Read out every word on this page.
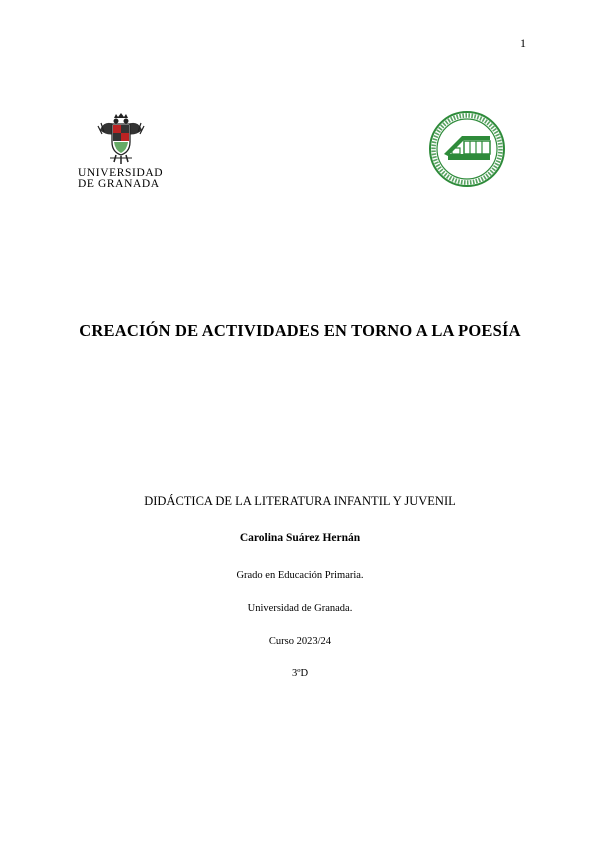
1
UNIVERSIDAD
DE GRANADA
CREACIÓN DE ACTIVIDADES EN TORNO A LA POESÍA
DIDÁCTICA DE LA LITERATURA INFANTIL Y JUVENIL
Carolina Suárez Hernán
Grado en Educación Primaria.
Universidad de Granada.
Curso 2023/24
3ºD
